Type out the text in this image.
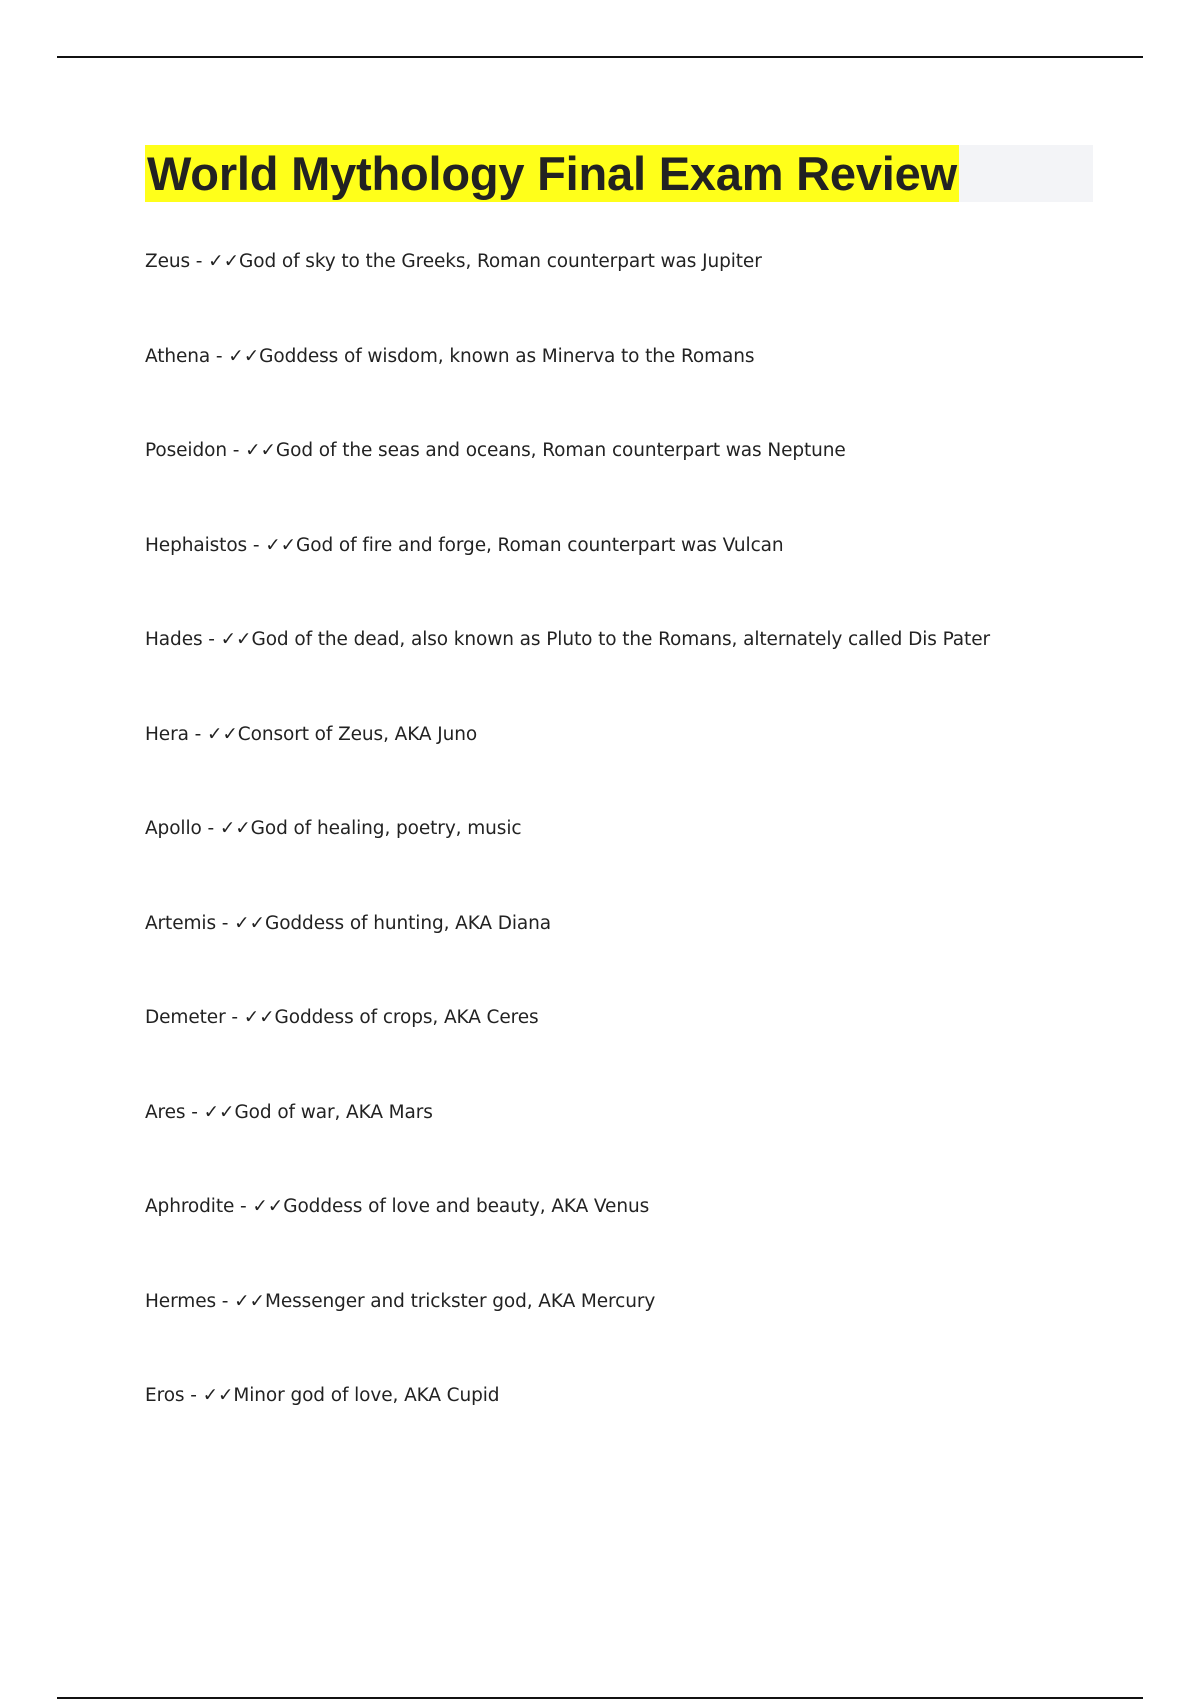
World Mythology Final Exam Review
Zeus - ✓✓God of sky to the Greeks, Roman counterpart was Jupiter
Athena - ✓✓Goddess of wisdom, known as Minerva to the Romans
Poseidon - ✓✓God of the seas and oceans, Roman counterpart was Neptune
Hephaistos - ✓✓God of fire and forge, Roman counterpart was Vulcan
Hades - ✓✓God of the dead, also known as Pluto to the Romans, alternately called Dis Pater
Hera - ✓✓Consort of Zeus, AKA Juno
Apollo - ✓✓God of healing, poetry, music
Artemis - ✓✓Goddess of hunting, AKA Diana
Demeter - ✓✓Goddess of crops, AKA Ceres
Ares - ✓✓God of war, AKA Mars
Aphrodite - ✓✓Goddess of love and beauty, AKA Venus
Hermes - ✓✓Messenger and trickster god, AKA Mercury
Eros - ✓✓Minor god of love, AKA Cupid
